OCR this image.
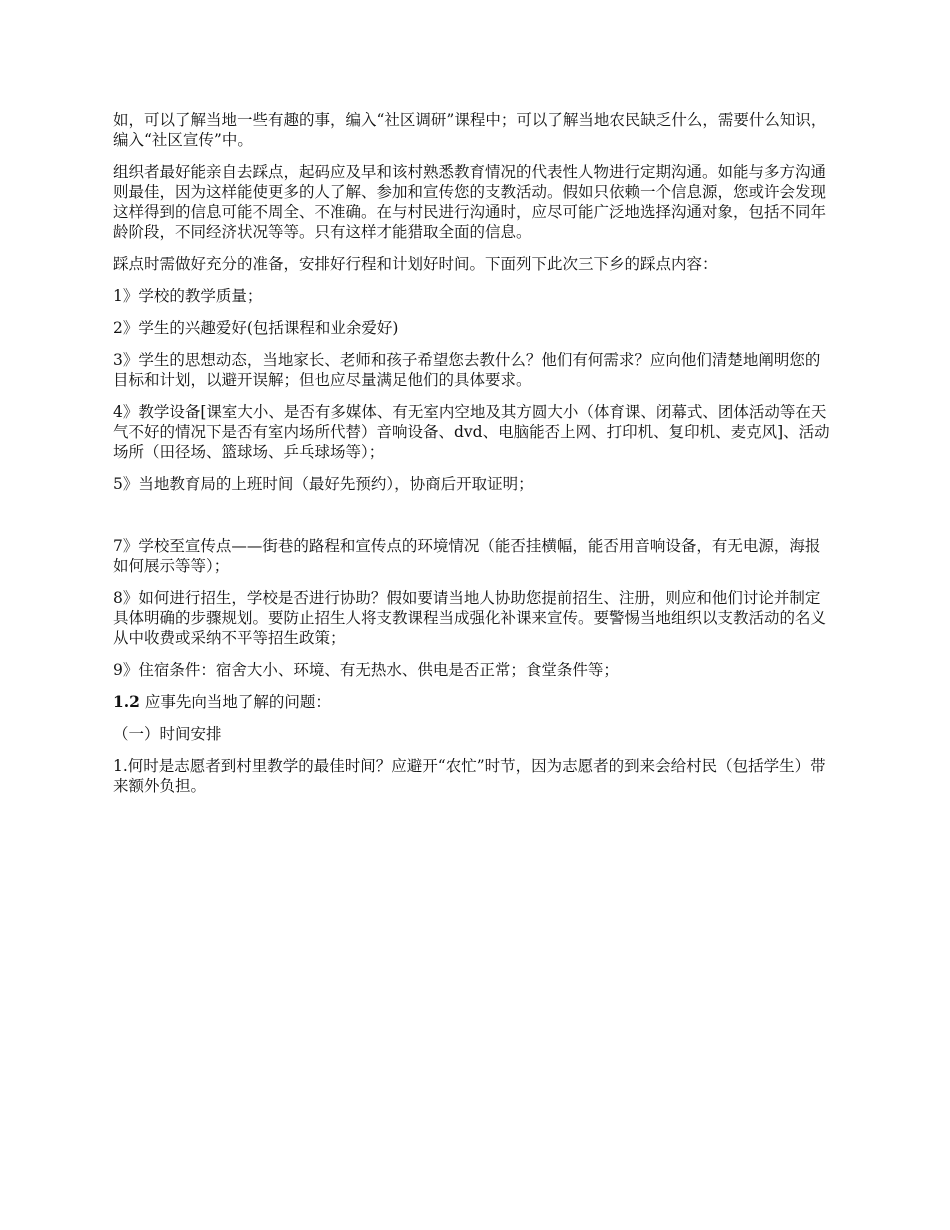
如，可以了解当地一些有趣的事，编入“社区调研”课程中；可以了解当地农民缺乏什么，需要什么知识，编入“社区宣传”中。

组织者最好能亲自去踩点，起码应及早和该村熟悉教育情况的代表性人物进行定期沟通。如能与多方沟通则最佳，因为这样能使更多的人了解、参加和宣传您的支教活动。假如只依赖一个信息源，您或许会发现这样得到的信息可能不周全、不准确。在与村民进行沟通时，应尽可能广泛地选择沟通对象，包括不同年龄阶段，不同经济状况等等。只有这样才能猎取全面的信息。

踩点时需做好充分的准备，安排好行程和计划好时间。下面列下此次三下乡的踩点内容：

1》学校的教学质量；

2》学生的兴趣爱好(包括课程和业余爱好)

3》学生的思想动态，当地家长、老师和孩子希望您去教什么？他们有何需求？应向他们清楚地阐明您的目标和计划，以避开误解；但也应尽量满足他们的具体要求。

4》教学设备[课室大小、是否有多媒体、有无室内空地及其方圆大小（体育课、闭幕式、团体活动等在天气不好的情况下是否有室内场所代替）音响设备、dvd、电脑能否上网、打印机、复印机、麦克风]、活动场所（田径场、篮球场、乒乓球场等）；

5》当地教育局的上班时间（最好先预约），协商后开取证明；

7》学校至宣传点——街巷的路程和宣传点的环境情况（能否挂横幅，能否用音响设备，有无电源，海报如何展示等等）；

8》如何进行招生，学校是否进行协助？假如要请当地人协助您提前招生、注册，则应和他们讨论并制定具体明确的步骤规划。要防止招生人将支教课程当成强化补课来宣传。要警惕当地组织以支教活动的名义从中收费或采纳不平等招生政策；

9》住宿条件：宿舍大小、环境、有无热水、供电是否正常；食堂条件等；

1.2 应事先向当地了解的问题：

（一）时间安排

1.何时是志愿者到村里教学的最佳时间？应避开“农忙”时节，因为志愿者的到来会给村民（包括学生）带来额外负担。
